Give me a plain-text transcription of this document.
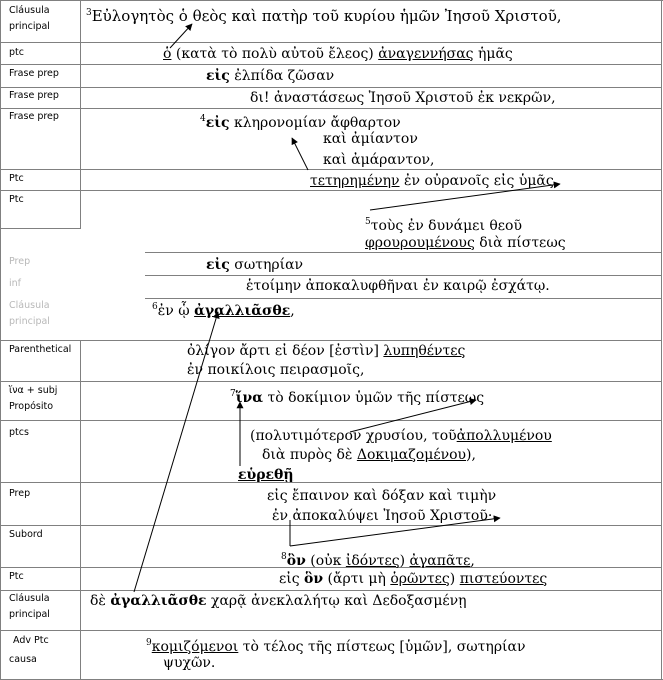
Cláusula principal
ptc
Frase prep
Frase prep
Frase prep
Ptc
Ptc
Prep
inf
Cláusula principal
Parenthetical
ἵνα + subj
Propósito
ptcs
Prep
Subord
Ptc
Cláusula principal
Adv Ptc
causa
$^3$Εὐλογητὸς ὁ θεὸς καὶ πατὴρ τοῦ κυρίου ἡμῶν Ἰησοῦ Χριστοῦ,
ὁ (κατὰ τὸ πολὺ αὐτοῦ ἔλεος) ἀναγεννήσας ἡμᾶς
εἰς ἐλπίδα ζῶσαν
δι! ἀναστάσεως Ἰησοῦ Χριστοῦ ἐκ νεκρῶν,
$^4$εἰς κληρονομίαν ἄφθαρτον
καὶ ἀμίαντον
καὶ ἀμάραντον,
τετηρημένην ἐν οὐρανοῖς εἰς ὑμᾶς
$^5$τοὺς ἐν δυνάμει θεοῦ
φρουρουμένους διὰ πίστεως
εἰς σωτηρίαν
ἑτοίμην ἀποκαλυφθῆναι ἐν καιρῷ ἐσχάτῳ.
$^6$ἐν ᾧ ἀγαλλιᾶσθε,
ὀλίγον ἄρτι εἰ δέον [ἐστὶν] λυπηθέντες
ἐν ποικίλοις πειρασμοῖς,
$^7$ἵνα τὸ δοκίμιον ὑμῶν τῆς πίστεως
(πολυτιμότερον χρυσίου, τοῦἀπολλυμένου
διὰ πυρὸς δὲ Δοκιμαζομένου),
εὑρεθῇ
εἰς ἔπαινον καὶ δόξαν καὶ τιμὴν
ἐν ἀποκαλύψει Ἰησοῦ Χριστοῦ·
$^8$ὃν (οὐκ ἰδόντες) ἀγαπᾶτε,
εἰς ὃν (ἄρτι μὴ ὁρῶντες) πιστεύοντες
δὲ ἀγαλλιᾶσθε χαρᾷ ἀνεκλαλήτῳ καὶ Δεδοξασμένῃ
$^9$κομιζόμενοι τὸ τέλος τῆς πίστεως [ὑμῶν], σωτηρίαν
ψυχῶν.
